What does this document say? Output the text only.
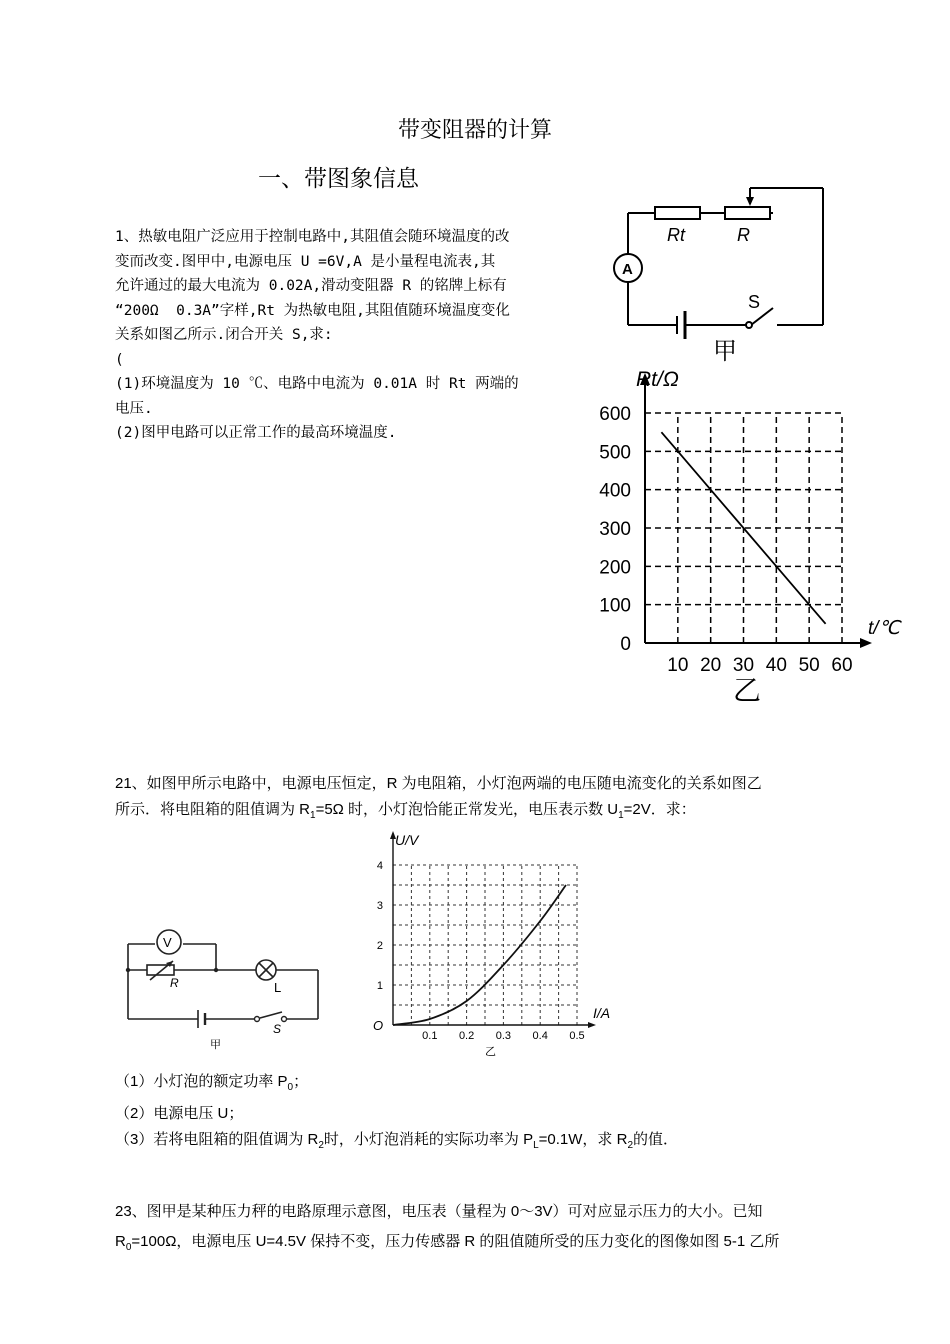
带变阻器的计算
一、带图象信息
1、热敏电阻广泛应用于控制电路中,其阻值会随环境温度的改
变而改变.图甲中,电源电压 U =6V,A 是小量程电流表,其
允许通过的最大电流为 0.02A,滑动变阻器 R 的铭牌上标有
“200Ω  0.3A”字样,Rt 为热敏电阻,其阻值随环境温度变化
关系如图乙所示.闭合开关 S,求:
(
(1)环境温度为 10 ℃、电路中电流为 0.01A 时 Rt 两端的
电压.
(2)图甲电路可以正常工作的最高环境温度.
A
Rt	R
S
甲
0
100
200
300
400
500
600
10 20 30 40 50 60
Rt/Ω
t/℃
乙
21、如图甲所示电路中，电源电压恒定，R 为电阻箱，小灯泡两端的电压随电流变化的关系如图乙
所示．将电阻箱的阻值调为 $R_1=5\Omega$ 时，小灯泡恰能正常发光，电压表示数 $U_1=2V$．求：
V
R	L
S
甲
1
2
3
4
0.1 0.2 0.3 0.4 0.5
U/V
I/A
O
乙
（1）小灯泡的额定功率 $P_0$；
（2）电源电压 U；
（3）若将电阻箱的阻值调为 $R_2$时，小灯泡消耗的实际功率为 $P_L=0.1W$，求 $R_2$的值．
23、图甲是某种压力秤的电路原理示意图，电压表（量程为 0～3V）可对应显示压力的大小。已知
$R_0=100\Omega$，电源电压 U=4.5V 保持不变，压力传感器 R 的阻值随所受的压力变化的图像如图 5-1 乙所
